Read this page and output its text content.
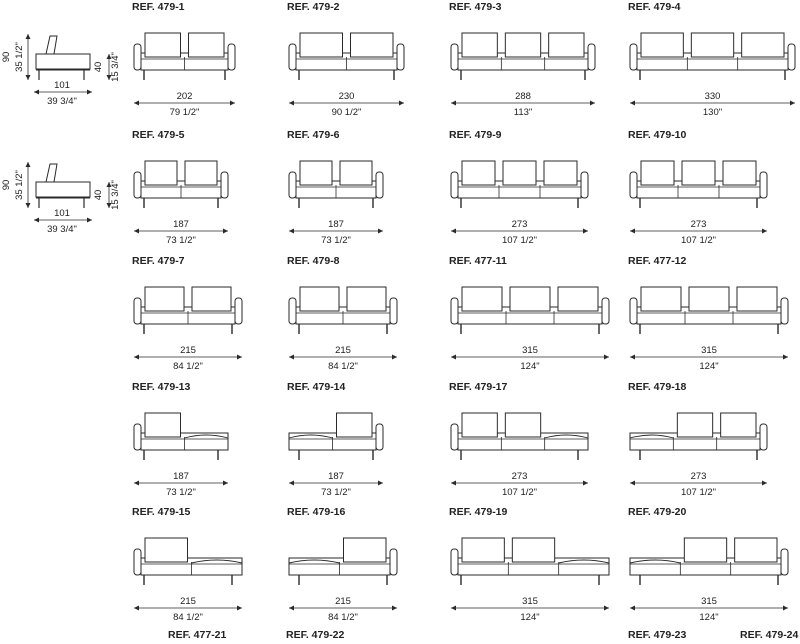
90 35 1/2"	40 15 3/4"
101
39 3/4"
90 35 1/2"	40 15 3/4"
101
39 3/4"
202
79 1/2"
230
90 1/2"
288
113"
330
130"
187
73 1/2"
187
73 1/2"
273
107 1/2"
273
107 1/2"
215
84 1/2"
215
84 1/2"
315
124"
315
124"
187
73 1/2"
187
73 1/2"
273
107 1/2"
273
107 1/2"
215
84 1/2"
215
84 1/2"
315
124"
315
124"
REF. 479-1	REF. 479-2	REF. 479-3	REF. 479-4
REF. 479-5	REF. 479-6	REF. 479-9	REF. 479-10
REF. 479-7	REF. 479-8	REF. 477-11	REF. 477-12
REF. 479-13	REF. 479-14	REF. 479-17	REF. 479-18
REF. 479-15	REF. 479-16	REF. 479-19	REF. 479-20
REF. 477-21	REF. 479-22	REF. 479-23	REF. 479-24
